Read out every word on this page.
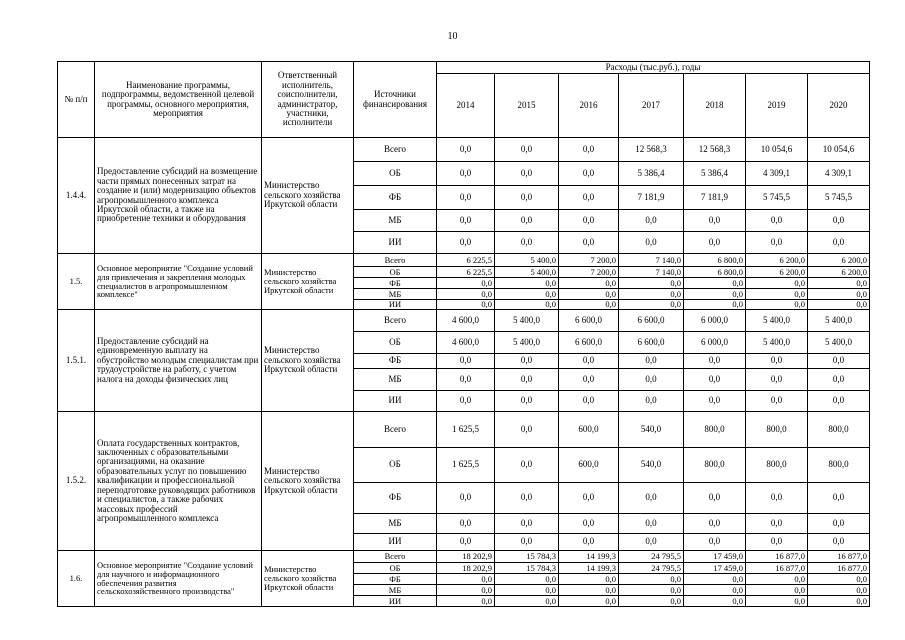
10
№ п/п	Наименование программы, подпрограммы, ведомственной целевой программы, основного мероприятия, мероприятия	Ответственный исполнитель, соисполнители, администратор, участники, исполнители	Источники финансирования	Расходы (тыс.руб.), годы						
				2014	2015	2016	2017	2018	2019	2020
1.4.4.	Предоставление субсидий на возмещение части прямых понесенных затрат на создание и (или) модернизацию объектов агропромышленного комплекса Иркутской области, а также на приобретение техники и оборудования	Министерство сельского хозяйства Иркутской области	Всего	0,0	0,0	0,0	12 568,3	12 568,3	10 054,6	10 054,6
			ОБ	0,0	0,0	0,0	5 386,4	5 386,4	4 309,1	4 309,1
			ФБ	0,0	0,0	0,0	7 181,9	7 181,9	5 745,5	5 745,5
			МБ	0,0	0,0	0,0	0,0	0,0	0,0	0,0
			ИИ	0,0	0,0	0,0	0,0	0,0	0,0	0,0
1.5.	Основное мероприятие "Создание условий для привлечения и закрепления молодых специалистов в агропромышленном комплексе"	Министерство сельского хозяйства Иркутской области	Всего	6 225,5	5 400,0	7 200,0	7 140,0	6 800,0	6 200,0	6 200,0
			ОБ	6 225,5	5 400,0	7 200,0	7 140,0	6 800,0	6 200,0	6 200,0
			ФБ	0,0	0,0	0,0	0,0	0,0	0,0	0,0
			МБ	0,0	0,0	0,0	0,0	0,0	0,0	0,0
			ИИ	0,0	0,0	0,0	0,0	0,0	0,0	0,0
1.5.1.	Предоставление субсидий на единовременную выплату на обустройство молодым специалистам при трудоустройстве на работу, с учетом налога на доходы физических лиц	Министерство сельского хозяйства Иркутской области	Всего	4 600,0	5 400,0	6 600,0	6 600,0	6 000,0	5 400,0	5 400,0
			ОБ	4 600,0	5 400,0	6 600,0	6 600,0	6 000,0	5 400,0	5 400,0
			ФБ	0,0	0,0	0,0	0,0	0,0	0,0	0,0
			МБ	0,0	0,0	0,0	0,0	0,0	0,0	0,0
			ИИ	0,0	0,0	0,0	0,0	0,0	0,0	0,0
1.5.2.	Оплата государственных контрактов, заключенных с образовательными организациями, на оказание образовательных услуг по повышению квалификации и профессиональной переподготовке руководящих работников и специалистов, а также рабочих массовых профессий агропромышленного комплекса	Министерство сельского хозяйства Иркутской области	Всего	1 625,5	0,0	600,0	540,0	800,0	800,0	800,0
			ОБ	1 625,5	0,0	600,0	540,0	800,0	800,0	800,0
			ФБ	0,0	0,0	0,0	0,0	0,0	0,0	0,0
			МБ	0,0	0,0	0,0	0,0	0,0	0,0	0,0
			ИИ	0,0	0,0	0,0	0,0	0,0	0,0	0,0
1.6.	Основное мероприятие "Создание условий для научного и информационного обеспечения развития сельскохозяйственного производства"	Министерство сельского хозяйства Иркутской области	Всего	18 202,9	15 784,3	14 199,3	24 795,5	17 459,0	16 877,0	16 877,0
			ОБ	18 202,9	15 784,3	14 199,3	24 795,5	17 459,0	16 877,0	16 877,0
			ФБ	0,0	0,0	0,0	0,0	0,0	0,0	0,0
			МБ	0,0	0,0	0,0	0,0	0,0	0,0	0,0
			ИИ	0,0	0,0	0,0	0,0	0,0	0,0	0,0
